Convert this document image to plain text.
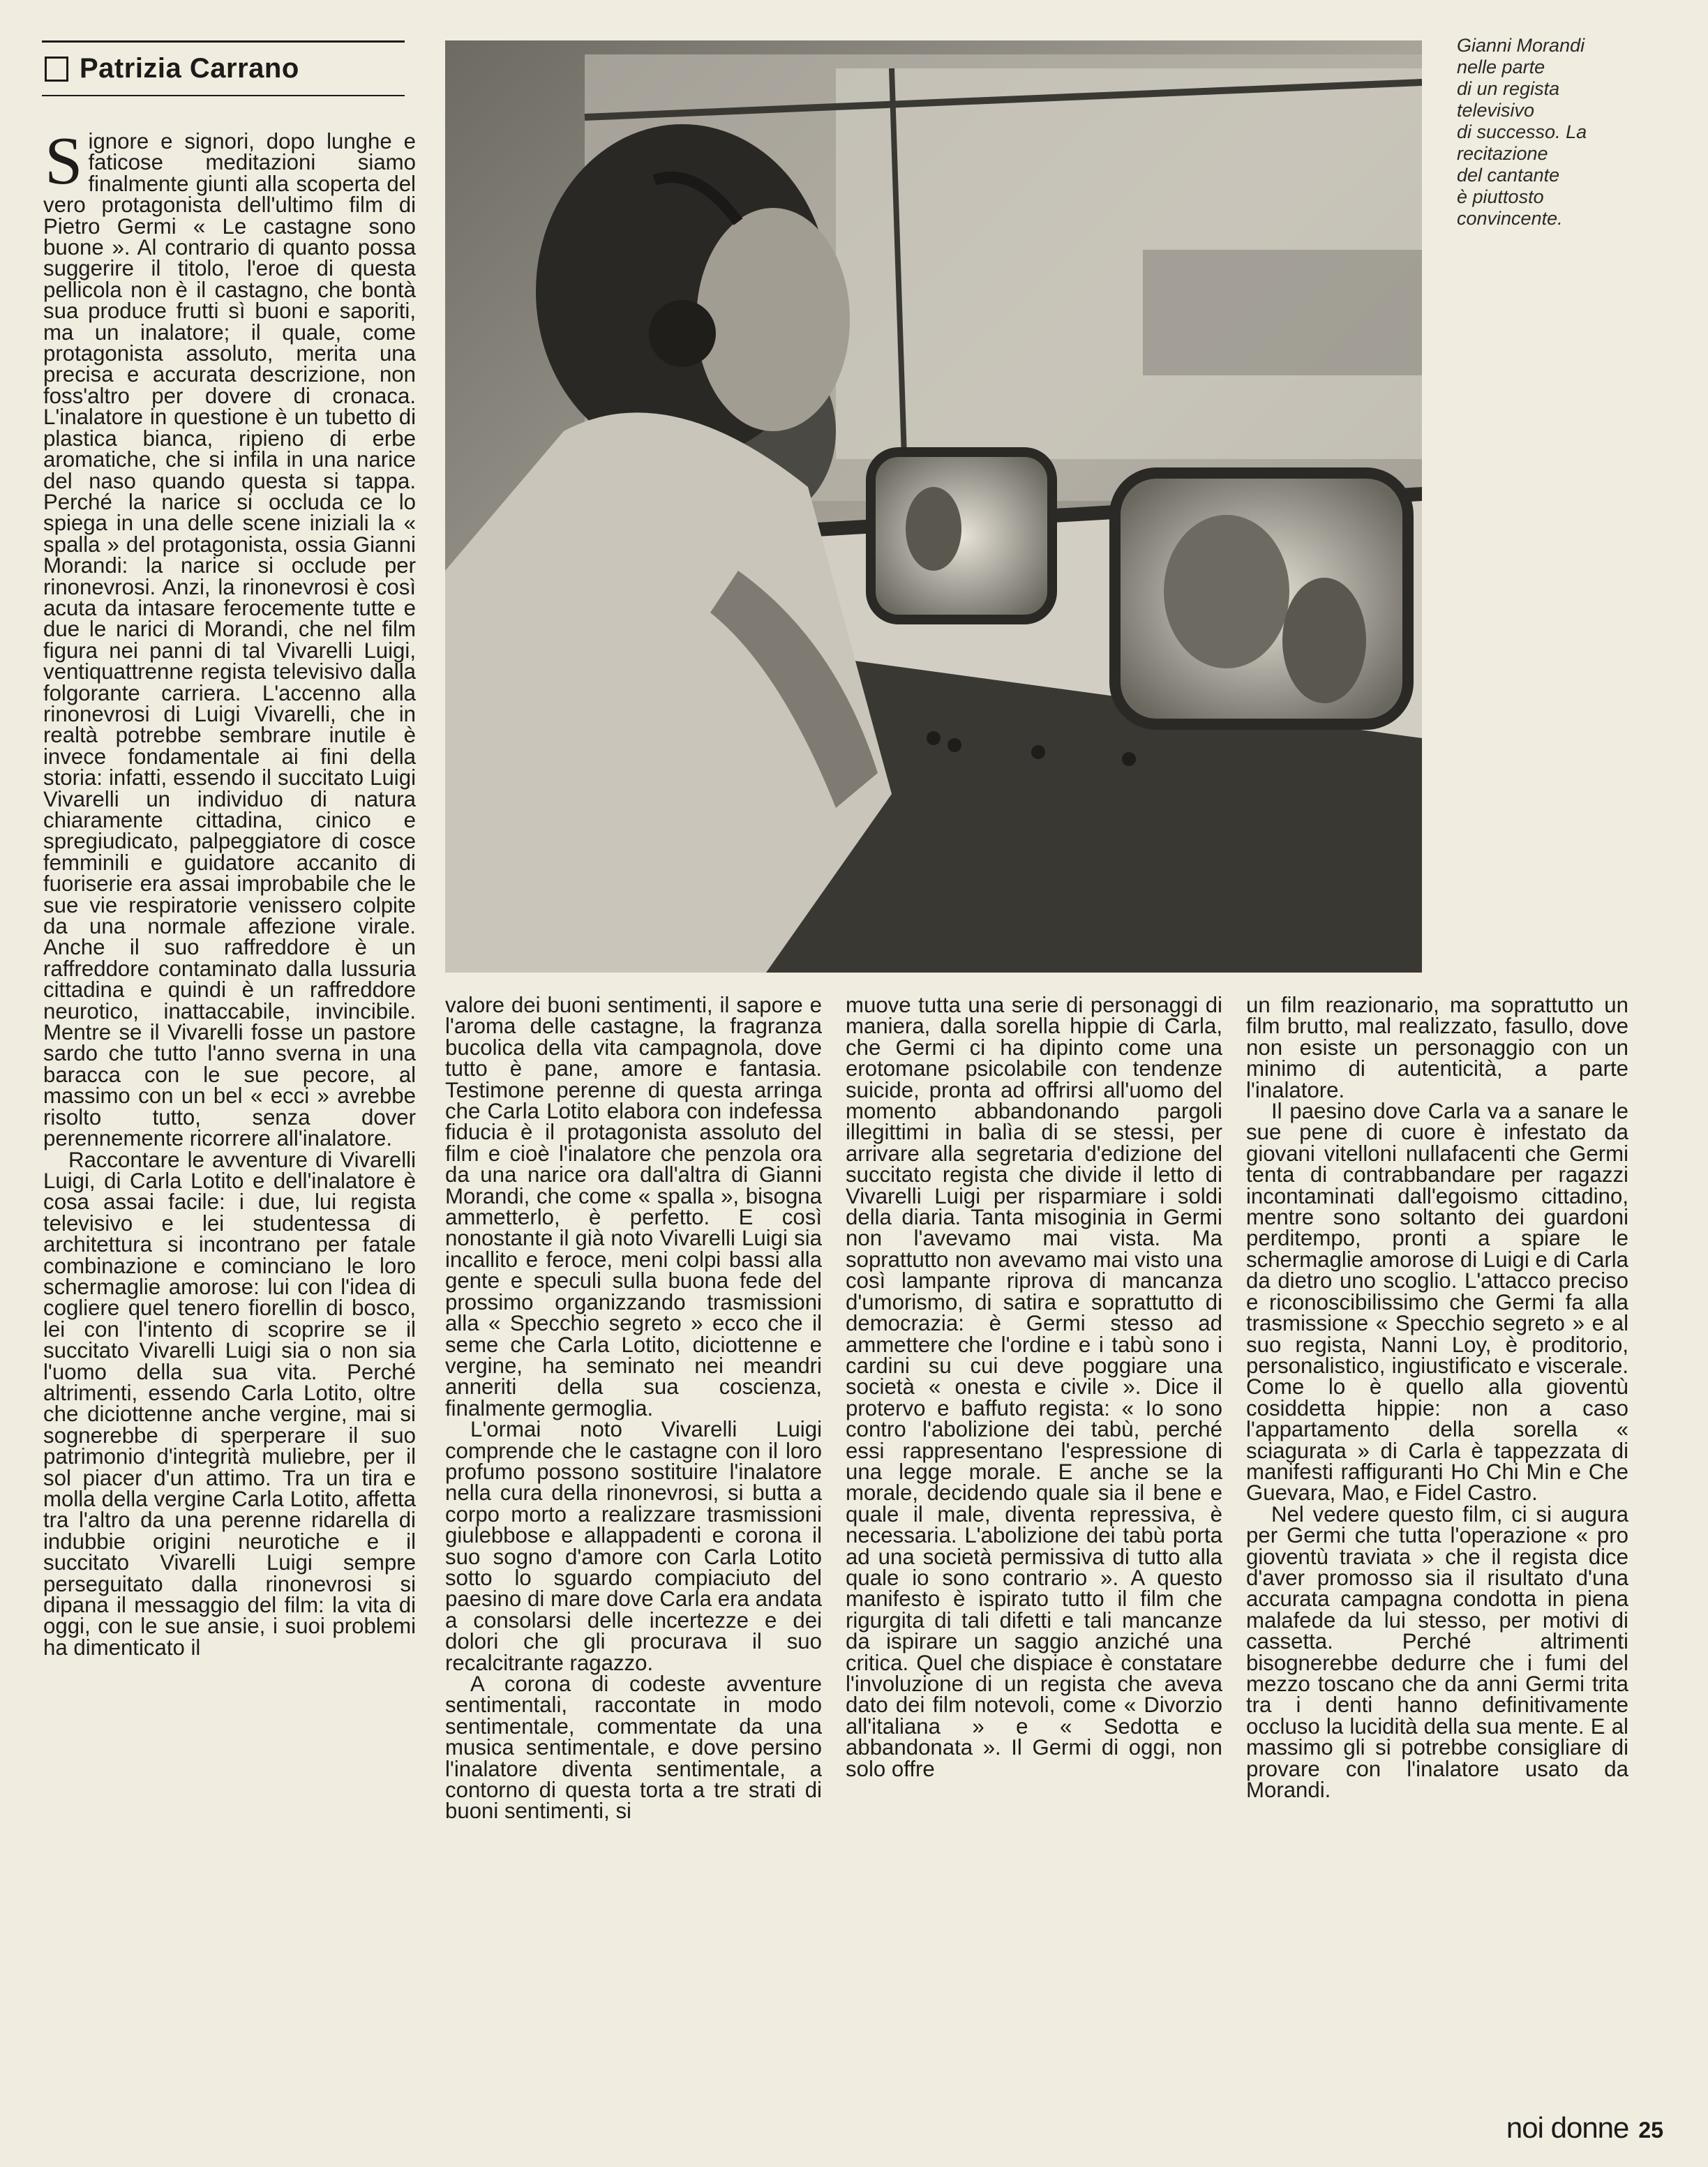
Patrizia Carrano
Gianni Morandi
nelle parte
di un regista
televisivo
di successo. La
recitazione
del cantante
è piuttosto
convincente.

Signore e signori, dopo lunghe e faticose meditazioni siamo finalmente giunti alla scoperta del vero protagonista dell'ultimo film di Pietro Germi « Le castagne sono buone ». Al contrario di quanto possa suggerire il titolo, l'eroe di questa pellicola non è il castagno, che bontà sua produce frutti sì buoni e saporiti, ma un inalatore; il quale, come protagonista assoluto, merita una precisa e accurata descrizione, non foss'altro per dovere di cronaca. L'inalatore in questione è un tubetto di plastica bianca, ripieno di erbe aromatiche, che si infila in una narice del naso quando questa si tappa. Perché la narice si occluda ce lo spiega in una delle scene iniziali la « spalla » del protagonista, ossia Gianni Morandi: la narice si occlude per rinonevrosi. Anzi, la rinonevrosi è così acuta da intasare ferocemente tutte e due le narici di Morandi, che nel film figura nei panni di tal Vivarelli Luigi, ventiquattrenne regista televisivo dalla folgorante carriera. L'accenno alla rinonevrosi di Luigi Vivarelli, che in realtà potrebbe sembrare inutile è invece fondamentale ai fini della storia: infatti, essendo il succitato Luigi Vivarelli un individuo di natura chiaramente cittadina, cinico e spregiudicato, palpeggiatore di cosce femminili e guidatore accanito di fuoriserie era assai improbabile che le sue vie respiratorie venissero colpite da una normale affezione virale. Anche il suo raffreddore è un raffreddore contaminato dalla lussuria cittadina e quindi è un raffreddore neurotico, inattaccabile, invincibile. Mentre se il Vivarelli fosse un pastore sardo che tutto l'anno sverna in una baracca con le sue pecore, al massimo con un bel « ecci » avrebbe risolto tutto, senza dover perennemente ricorrere all'inalatore.

Raccontare le avventure di Vivarelli Luigi, di Carla Lotito e dell'inalatore è cosa assai facile: i due, lui regista televisivo e lei studentessa di architettura si incontrano per fatale combinazione e cominciano le loro schermaglie amorose: lui con l'idea di cogliere quel tenero fiorellin di bosco, lei con l'intento di scoprire se il succitato Vivarelli Luigi sia o non sia l'uomo della sua vita. Perché altrimenti, essendo Carla Lotito, oltre che diciottenne anche vergine, mai si sognerebbe di sperperare il suo patrimonio d'integrità muliebre, per il sol piacer d'un attimo. Tra un tira e molla della vergine Carla Lotito, affetta tra l'altro da una perenne ridarella di indubbie origini neurotiche e il succitato Vivarelli Luigi sempre perseguitato dalla rinonevrosi si dipana il messaggio del film: la vita di oggi, con le sue ansie, i suoi problemi ha dimenticato il

valore dei buoni sentimenti, il sapore e l'aroma delle castagne, la fragranza bucolica della vita campagnola, dove tutto è pane, amore e fantasia. Testimone perenne di questa arringa che Carla Lotito elabora con indefessa fiducia è il protagonista assoluto del film e cioè l'inalatore che penzola ora da una narice ora dall'altra di Gianni Morandi, che come « spalla », bisogna ammetterlo, è perfetto. E così nonostante il già noto Vivarelli Luigi sia incallito e feroce, meni colpi bassi alla gente e speculi sulla buona fede del prossimo organizzando trasmissioni alla « Specchio segreto » ecco che il seme che Carla Lotito, diciottenne e vergine, ha seminato nei meandri anneriti della sua coscienza, finalmente germoglia.

L'ormai noto Vivarelli Luigi comprende che le castagne con il loro profumo possono sostituire l'inalatore nella cura della rinonevrosi, si butta a corpo morto a realizzare trasmissioni giulebbose e allappadenti e corona il suo sogno d'amore con Carla Lotito sotto lo sguardo compiaciuto del paesino di mare dove Carla era andata a consolarsi delle incertezze e dei dolori che gli procurava il suo recalcitrante ragazzo.

A corona di codeste avventure sentimentali, raccontate in modo sentimentale, commentate da una musica sentimentale, e dove persino l'inalatore diventa sentimentale, a contorno di questa torta a tre strati di buoni sentimenti, si

muove tutta una serie di personaggi di maniera, dalla sorella hippie di Carla, che Germi ci ha dipinto come una erotomane psicolabile con tendenze suicide, pronta ad offrirsi all'uomo del momento abbandonando pargoli illegittimi in balìa di se stessi, per arrivare alla segretaria d'edizione del succitato regista che divide il letto di Vivarelli Luigi per risparmiare i soldi della diaria. Tanta misoginia in Germi non l'avevamo mai vista. Ma soprattutto non avevamo mai visto una così lampante riprova di mancanza d'umorismo, di satira e soprattutto di democrazia: è Germi stesso ad ammettere che l'ordine e i tabù sono i cardini su cui deve poggiare una società « onesta e civile ». Dice il protervo e baffuto regista: « Io sono contro l'abolizione dei tabù, perché essi rappresentano l'espressione di una legge morale. E anche se la morale, decidendo quale sia il bene e quale il male, diventa repressiva, è necessaria. L'abolizione dei tabù porta ad una società permissiva di tutto alla quale io sono contrario ». A questo manifesto è ispirato tutto il film che rigurgita di tali difetti e tali mancanze da ispirare un saggio anziché una critica. Quel che dispiace è constatare l'involuzione di un regista che aveva dato dei film notevoli, come « Divorzio all'italiana » e « Sedotta e abbandonata ». Il Germi di oggi, non solo offre

un film reazionario, ma soprattutto un film brutto, mal realizzato, fasullo, dove non esiste un personaggio con un minimo di autenticità, a parte l'inalatore.

Il paesino dove Carla va a sanare le sue pene di cuore è infestato da giovani vitelloni nullafacenti che Germi tenta di contrabbandare per ragazzi incontaminati dall'egoismo cittadino, mentre sono soltanto dei guardoni perditempo, pronti a spiare le schermaglie amorose di Luigi e di Carla da dietro uno scoglio. L'attacco preciso e riconoscibilissimo che Germi fa alla trasmissione « Specchio segreto » e al suo regista, Nanni Loy, è proditorio, personalistico, ingiustificato e viscerale. Come lo è quello alla gioventù cosiddetta hippie: non a caso l'appartamento della sorella « sciagurata » di Carla è tappezzata di manifesti raffiguranti Ho Chi Min e Che Guevara, Mao, e Fidel Castro.

Nel vedere questo film, ci si augura per Germi che tutta l'operazione « pro gioventù traviata » che il regista dice d'aver promosso sia il risultato d'una accurata campagna condotta in piena malafede da lui stesso, per motivi di cassetta. Perché altrimenti bisognerebbe dedurre che i fumi del mezzo toscano che da anni Germi trita tra i denti hanno definitivamente occluso la lucidità della sua mente. E al massimo gli si potrebbe consigliare di provare con l'inalatore usato da Morandi.

noi donne 25
